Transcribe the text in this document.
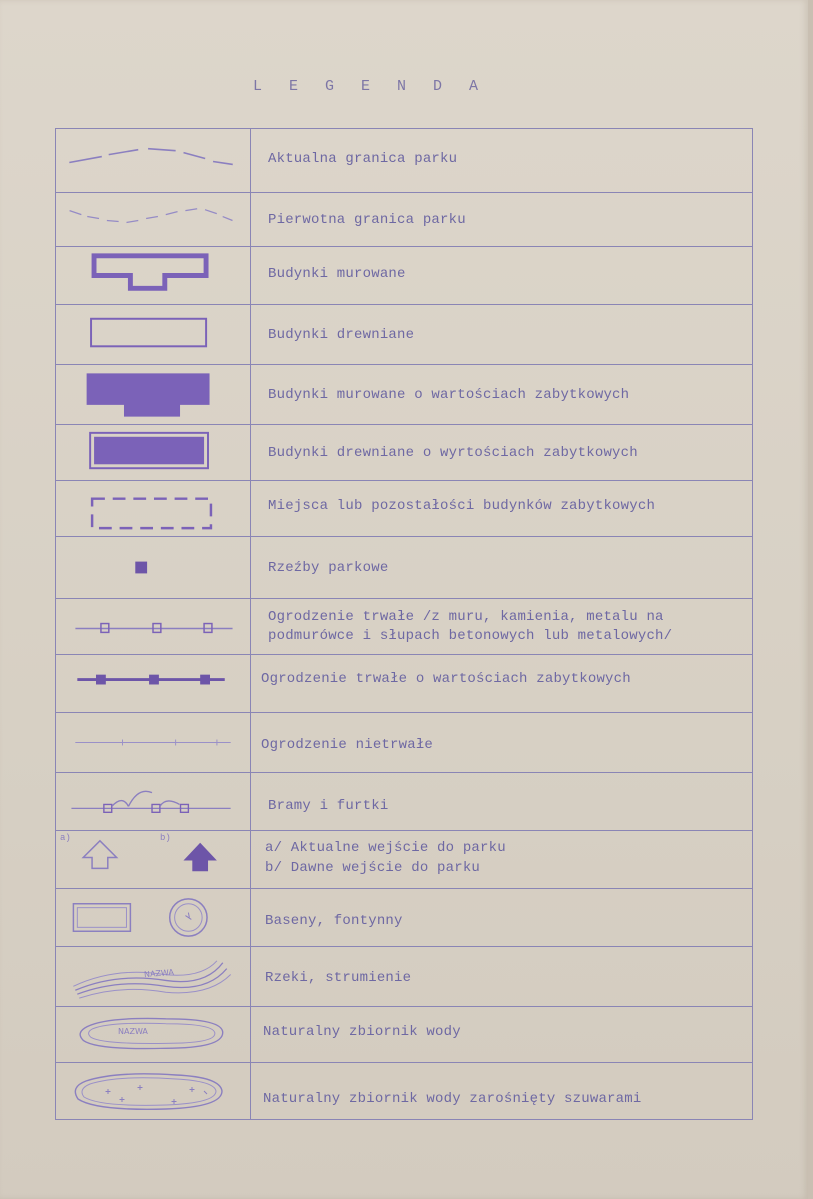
L E G E N D A
Aktualna granica parku
Pierwotna granica parku
Budynki murowane
Budynki drewniane
Budynki murowane o wartościach zabytkowych
Budynki drewniane o wyrtościach zabytkowych
Miejsca lub pozostałości budynków zabytkowych
Rzeźby parkowe
Ogrodzenie trwałe /z muru, kamienia, metalu na
podmurówce i słupach betonowych lub metalowych/
Ogrodzenie trwałe o wartościach zabytkowych
Ogrodzenie nietrwałe
Bramy i furtki
a)	b)
a/ Aktualne wejście do parku
b/ Dawne wejście do parku
Baseny, fontynny
NAZWA	Rzeki, strumienie
NAZWA	Naturalny zbiornik wody
Naturalny zbiornik wody zarośnięty szuwarami
